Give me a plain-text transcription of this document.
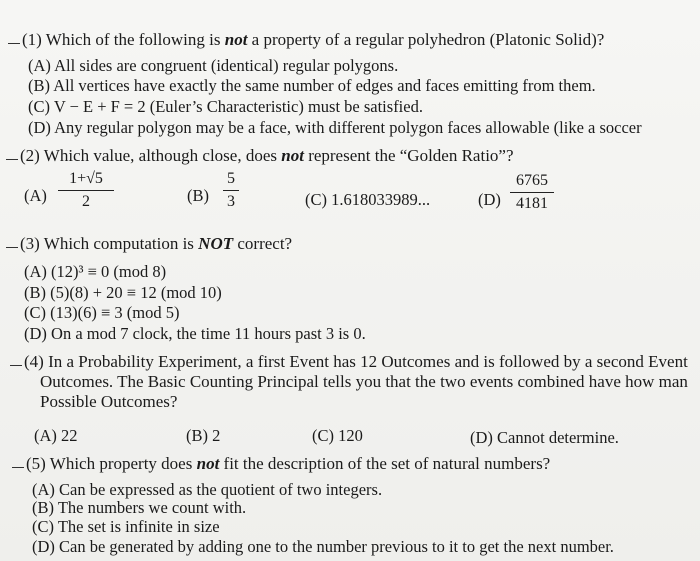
(1) Which of the following is not a property of a regular polyhedron (Platonic Solid)?
(A) All sides are congruent (identical) regular polygons.
(B) All vertices have exactly the same number of edges and faces emitting from them.
(C) V − E + F = 2 (Euler’s Characteristic) must be satisfied.
(D) Any regular polygon may be a face, with different polygon faces allowable (like a soccer
(2) Which value, although close, does not represent the “Golden Ratio”?
(A)
1+√5
2	(B)
5
3	(C) 1.618033989...	(D)
6765
4181
(3) Which computation is NOT correct?
(A) (12)³ ≡ 0 (mod 8)
(B) (5)(8) + 20 ≡ 12 (mod 10)
(C) (13)(6) ≡ 3 (mod 5)
(D) On a mod 7 clock, the time 11 hours past 3 is 0.
(4) In a Probability Experiment, a first Event has 12 Outcomes and is followed by a second Event
Outcomes. The Basic Counting Principal tells you that the two events combined have how man
Possible Outcomes?
(A) 22	(B) 2	(C) 120	(D) Cannot determine.
(5) Which property does not fit the description of the set of natural numbers?
(A) Can be expressed as the quotient of two integers.
(B) The numbers we count with.
(C) The set is infinite in size
(D) Can be generated by adding one to the number previous to it to get the next number.
